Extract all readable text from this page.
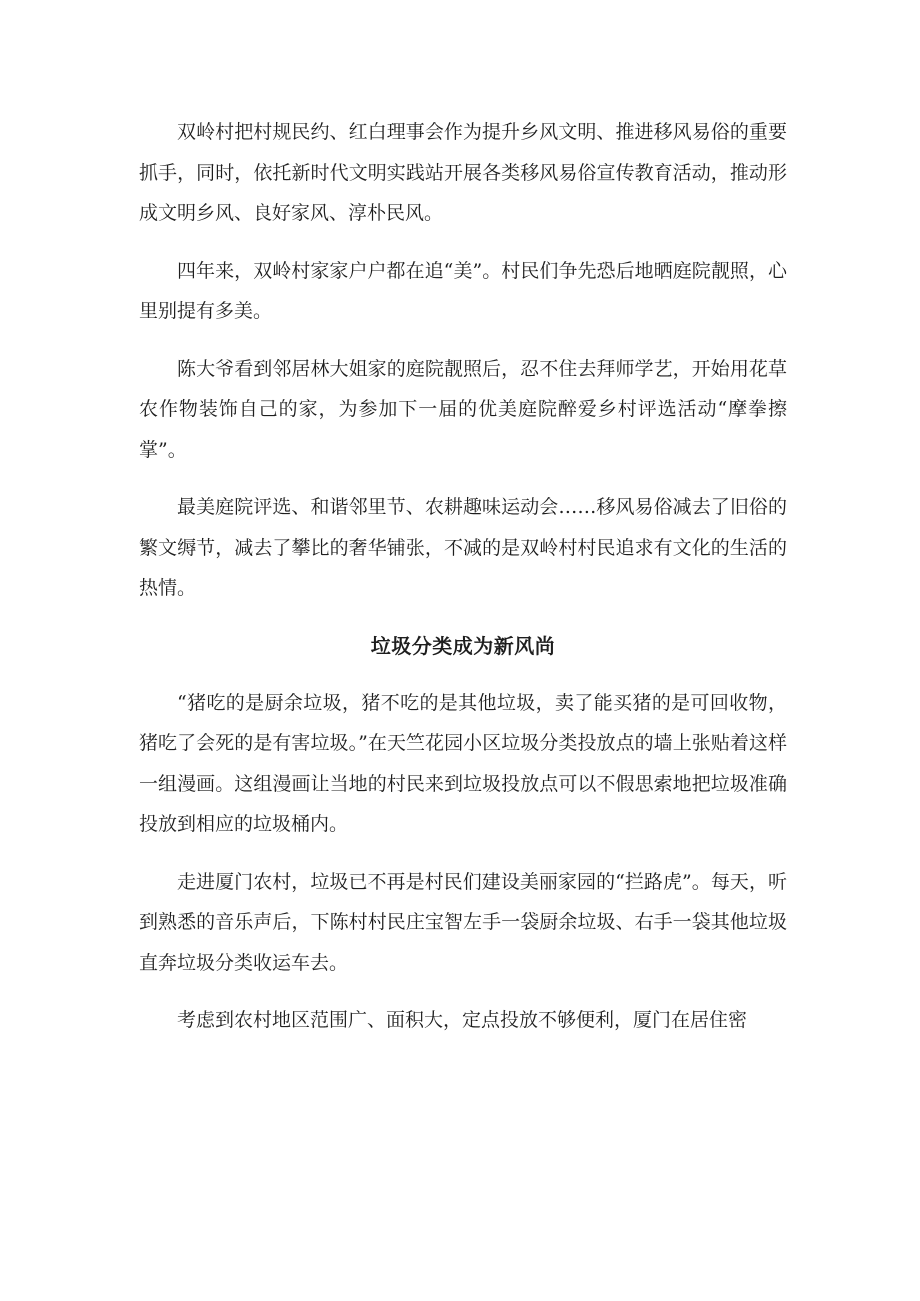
双岭村把村规民约、红白理事会作为提升乡风文明、推进移风易俗的重要抓手，同时，依托新时代文明实践站开展各类移风易俗宣传教育活动，推动形成文明乡风、良好家风、淳朴民风。

四年来，双岭村家家户户都在追“美”。村民们争先恐后地晒庭院靓照，心里别提有多美。

陈大爷看到邻居林大姐家的庭院靓照后，忍不住去拜师学艺，开始用花草农作物装饰自己的家，为参加下一届的优美庭院醉爱乡村评选活动“摩拳擦掌”。

最美庭院评选、和谐邻里节、农耕趣味运动会……移风易俗减去了旧俗的繁文缛节，减去了攀比的奢华铺张，不减的是双岭村村民追求有文化的生活的热情。

垃圾分类成为新风尚

“猪吃的是厨余垃圾，猪不吃的是其他垃圾，卖了能买猪的是可回收物，猪吃了会死的是有害垃圾。”在天竺花园小区垃圾分类投放点的墙上张贴着这样一组漫画。这组漫画让当地的村民来到垃圾投放点可以不假思索地把垃圾准确投放到相应的垃圾桶内。

走进厦门农村，垃圾已不再是村民们建设美丽家园的“拦路虎”。每天，听到熟悉的音乐声后，下陈村村民庄宝智左手一袋厨余垃圾、右手一袋其他垃圾直奔垃圾分类收运车去。

考虑到农村地区范围广、面积大，定点投放不够便利，厦门在居住密
